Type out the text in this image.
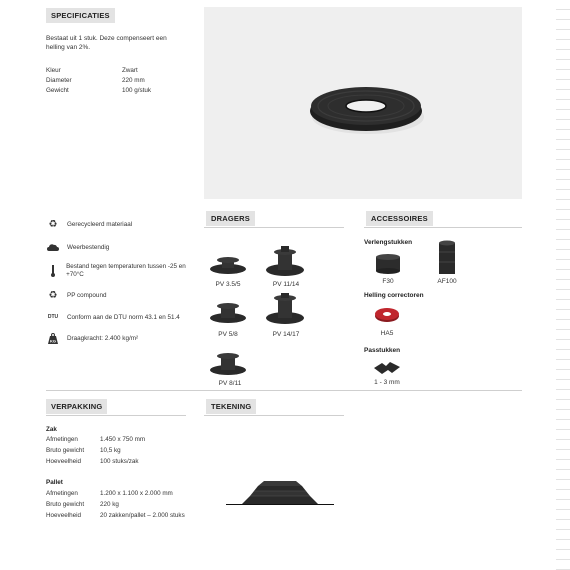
SPECIFICATIES
Bestaat uit 1 stuk. Deze compenseert een helling van 2%.
Kleur	Zwart
Diameter	220 mm
Gewicht	100 g/stuk
♻	Gerecycleerd materiaal
Weerbestendig
Bestand tegen temperaturen tussen -25 en +70°C
♻	PP compound
DTU Conform aan de DTU norm 43.1 en 51.4
KG Draagkracht: 2.400 kg/m²
DRAGERS
PV 3.5/5	PV 11/14
PV 5/8	PV 14/17
PV 8/11
ACCESSOIRES
Verlengstukken
F30	AF100
Helling correctoren
HA5
Passtukken
1 - 3 mm
VERPAKKING
Zak
Afmetingen	1.450 x 750 mm
Bruto gewicht	10,5 kg
Hoeveelheid	100 stuks/zak
Pallet
Afmetingen	1.200 x 1.100 x 2.000 mm
Bruto gewicht	220 kg
Hoeveelheid	20 zakken/pallet – 2.000 stuks
TEKENING
